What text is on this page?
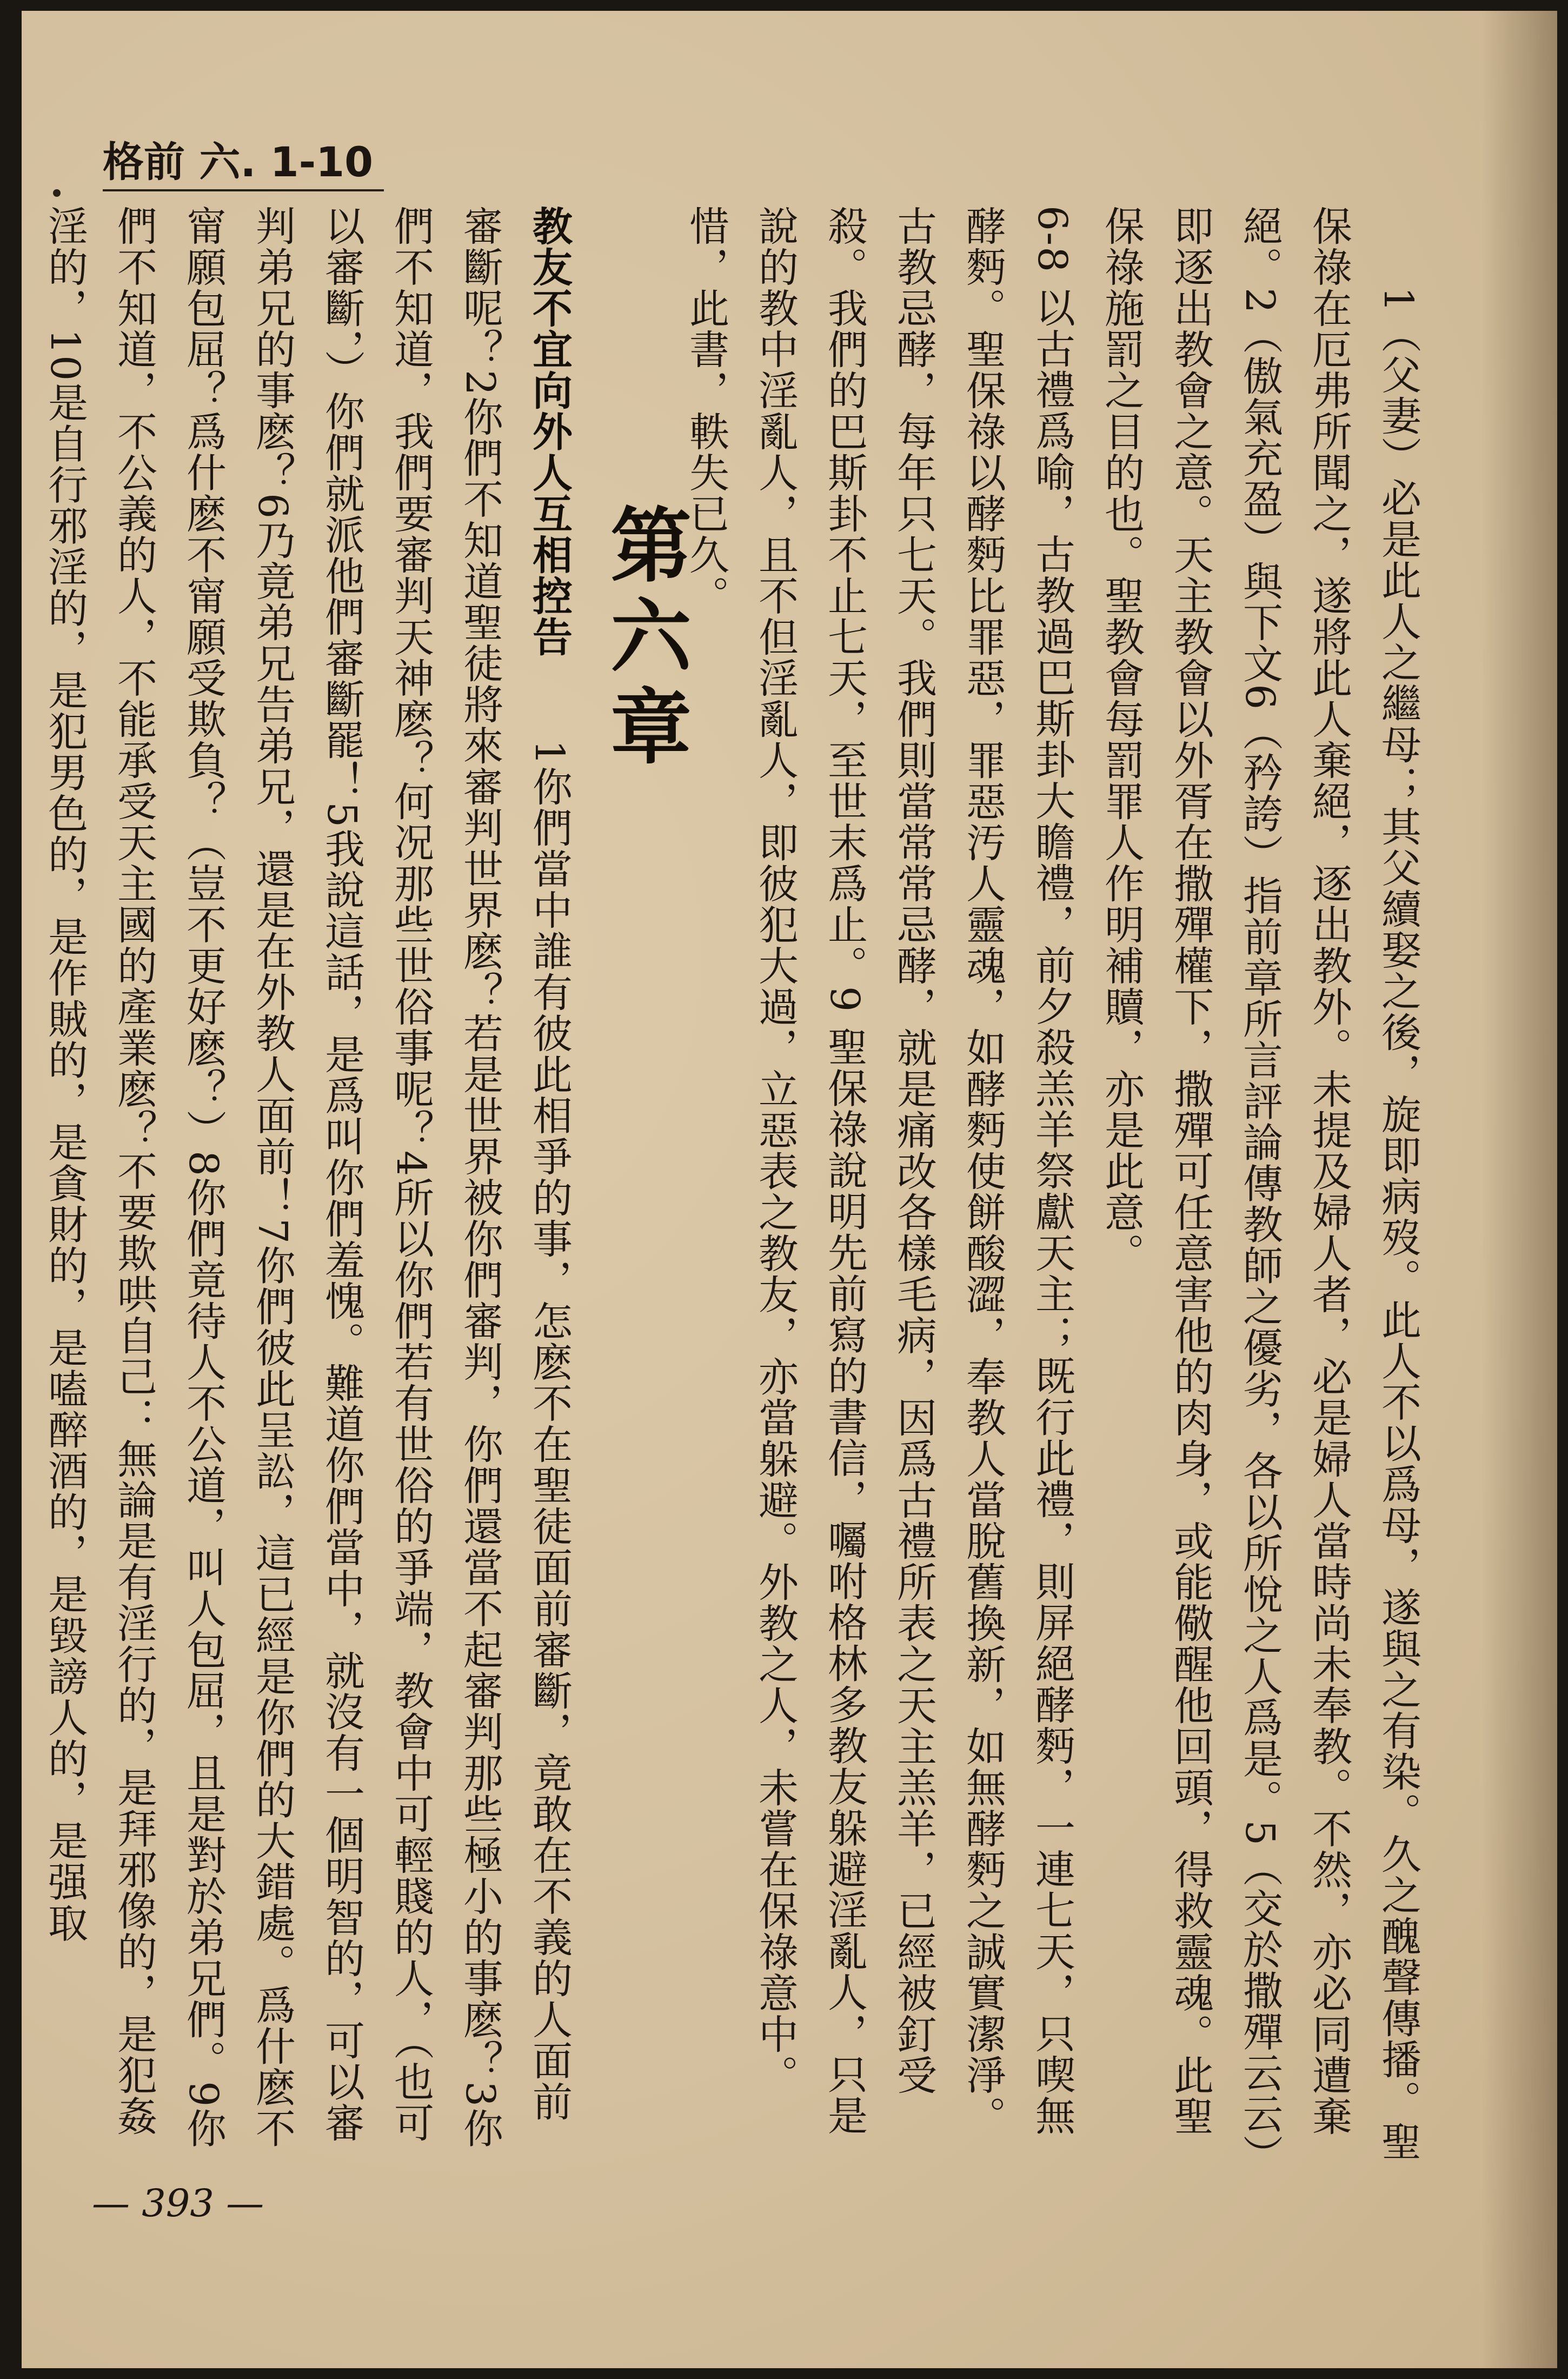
格前 六. 1-10

1（父妻）必是此人之繼母；其父續娶之後，旋即病歿。此人不以爲母，遂與之有染。久之醜聲傳播。聖保祿在厄弗所聞之，遂將此人棄絕，逐出教外。未提及婦人者，必是婦人當時尚未奉教。不然，亦必同遭棄絕。2（傲氣充盈）與下文6（矜誇）指前章所言評論傳教師之優劣，各以所悅之人爲是。5（交於撒殫云云）即逐出教會之意。天主教會以外胥在撒殫權下，撒殫可任意害他的肉身，或能儆醒他回頭，得救靈魂。此聖保祿施罰之目的也。聖教會每罰罪人作明補贖，亦是此意。

6-8 以古禮爲喻，古教過巴斯卦大瞻禮，前夕殺羔羊祭獻天主；既行此禮，則屏絕酵麪，一連七天，只喫無酵麪。聖保祿以酵麪比罪惡，罪惡汚人靈魂，如酵麪使餅酸澀，奉教人當脫舊換新，如無酵麪之誠實潔淨。古教忌酵，每年只七天。我們則當常常忌酵，就是痛改各樣毛病，因爲古禮所表之天主羔羊，已經被釘受殺。我們的巴斯卦不止七天，至世末爲止。9 聖保祿說明先前寫的書信，囑咐格林多教友躲避淫亂人，只是說的教中淫亂人，且不但淫亂人，即彼犯大過，立惡表之教友，亦當躲避。外教之人，未嘗在保祿意中。惜，此書，軼失已久。

第六章
教友不宜向外人互相控告　　1你們當中誰有彼此相爭的事，怎麽不在聖徒面前審斷，竟敢在不義的人面前審斷呢？2你們不知道聖徒將來審判世界麽？若是世界被你們審判，你們還當不起審判那些極小的事麽？3你們不知道，我們要審判天神麽？何况那些世俗事呢？4所以你們若有世俗的爭端，教會中可輕賤的人，（也可以審斷，）你們就派他們審斷罷！5我說這話，是爲叫你們羞愧。難道你們當中，就沒有一個明智的，可以審判弟兄的事麽？6乃竟弟兄告弟兄，還是在外教人面前！7你們彼此呈訟，這已經是你們的大錯處。爲什麽不甯願包屈？爲什麽不甯願受欺負？（豈不更好麽？）8你們竟待人不公道，叫人包屈，且是對於弟兄們。9你們不知道，不公義的人，不能承受天主國的產業麽？不要欺哄自己：無論是有淫行的，是拜邪像的，是犯姦淫的，10是自行邪淫的，是犯男色的，是作賊的，是貪財的，是嗑醉酒的，是毀謗人的，是强取
— 393 —
